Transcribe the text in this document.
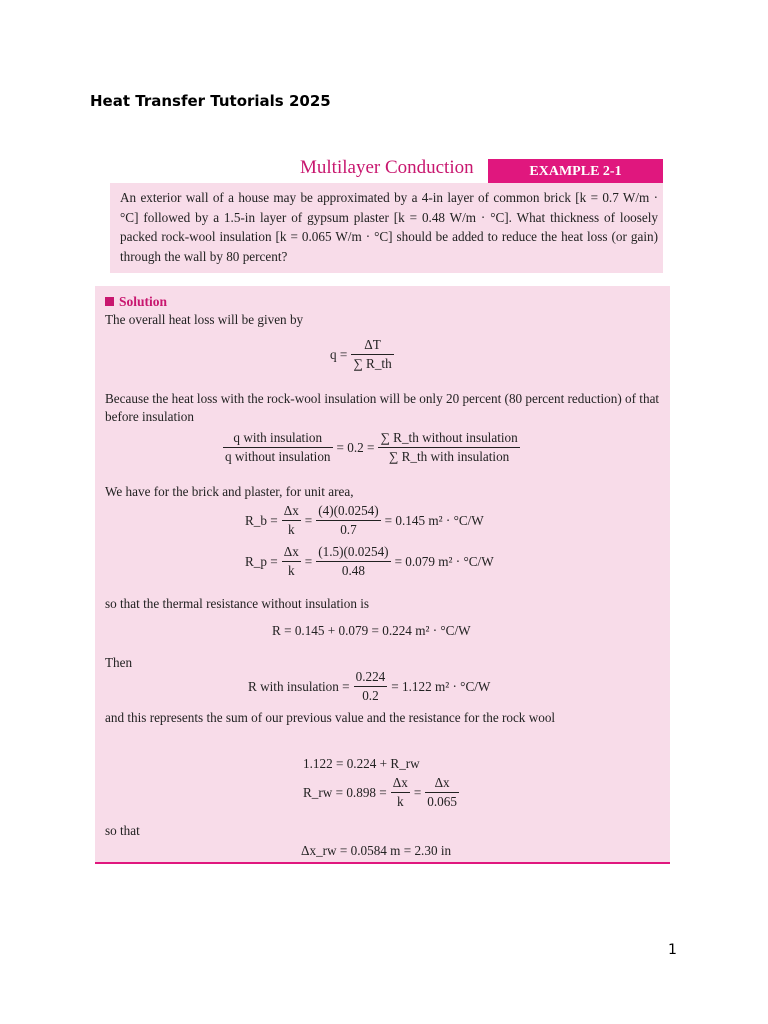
Heat Transfer Tutorials 2025
Multilayer Conduction	EXAMPLE 2-1

An exterior wall of a house may be approximated by a 4-in layer of common brick [k = 0.7 W/m · °C] followed by a 1.5-in layer of gypsum plaster [k = 0.48 W/m · °C]. What thickness of loosely packed rock-wool insulation [k = 0.065 W/m · °C] should be added to reduce the heat loss (or gain) through the wall by 80 percent?

Solution
The overall heat loss will be given by
$q = \frac{\Delta T}{\sum R\_th}$
Because the heat loss with the rock-wool insulation will be only 20 percent (80 percent reduction) of that before insulation
$\frac{\text{q with insulation}}{\text{q without insulation}} = 0.2 = \frac{\text{∑ R\_th without insulation}}{\text{∑ R\_th with insulation}}$
We have for the brick and plaster, for unit area,
R_b = $\frac{\Delta x}{k} = \frac{(4)(0.0254)}{0.7} = 0.145$ m² · °C/W
R_p = $\frac{\Delta x}{k} = \frac{(1.5)(0.0254)}{0.48} = 0.079$ m² · °C/W
so that the thermal resistance without insulation is
R = 0.145 + 0.079 = 0.224 m² · °C/W
Then
R with insulation = $\frac{0.224}{0.2} = 1.122$ m² · °C/W
and this represents the sum of our previous value and the resistance for the rock wool
1.122 = 0.224 + R_rw
R_rw = $0.898 = \frac{\Delta x}{k} = \frac{\Delta x}{0.065}$
so that
Δx_rw = 0.0584 m = 2.30 in
1
